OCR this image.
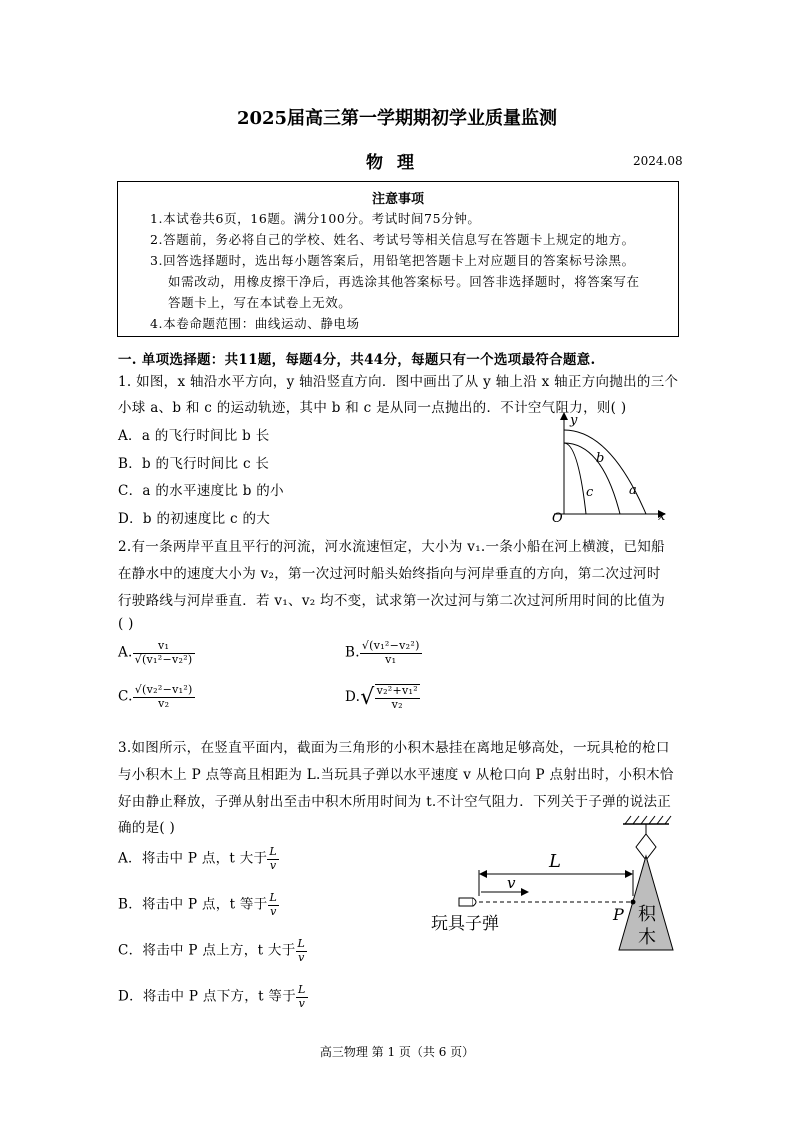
2025届高三第一学期期初学业质量监测
物理	2024.08
注意事项
1.本试卷共6页，16题。满分100分。考试时间75分钟。
2.答题前，务必将自己的学校、姓名、考试号等相关信息写在答题卡上规定的地方。
3.回答选择题时，选出每小题答案后，用铅笔把答题卡上对应题目的答案标号涂黑。
如需改动，用橡皮擦干净后，再选涂其他答案标号。回答非选择题时，将答案写在
答题卡上，写在本试卷上无效。
4.本卷命题范围：曲线运动、静电场
一. 单项选择题：共11题，每题4分，共44分，每题只有一个选项最符合题意.
1. 如图，x 轴沿水平方向，y 轴沿竖直方向．图中画出了从 y 轴上沿 x 轴正方向抛出的三个
小球 a、b 和 c 的运动轨迹，其中 b 和 c 是从同一点抛出的．不计空气阻力，则( )
A．a 的飞行时间比 b 长
B．b 的飞行时间比 c 长
C．a 的水平速度比 b 的小
D．b 的初速度比 c 的大
y
x
O
a
b
c
2.有一条两岸平直且平行的河流，河水流速恒定，大小为 v₁.一条小船在河上横渡，已知船
在静水中的速度大小为 v₂，第一次过河时船头始终指向与河岸垂直的方向，第二次过河时
行驶路线与河岸垂直．若 v₁、v₂ 均不变，试求第一次过河与第二次过河所用时间的比值为
( )
A. $\frac{\text{v₁}}{\text{√(v₁²−v₂²)}}$	B. $\frac{\text{√(v₁²−v₂²)}}{\text{v₁}}$
C. $\frac{\text{√(v₂²−v₁²)}}{\text{v₂}}$	$D.√ \frac{\text{v₂²+v₁²}}{\text{v₂}}$
3.如图所示，在竖直平面内，截面为三角形的小积木悬挂在离地足够高处，一玩具枪的枪口
与小积木上 P 点等高且相距为 L.当玩具子弹以水平速度 v 从枪口向 P 点射出时，小积木恰
好由静止释放，子弹从射出至击中积木所用时间为 t.不计空气阻力．下列关于子弹的说法正
确的是( )
A．将击中 P 点，t 大于 $\frac{L}{v}$
B．将击中 P 点，t 等于 $\frac{L}{v}$
C．将击中 P 点上方，t 大于 $\frac{L}{v}$
D．将击中 P 点下方，t 等于 $\frac{L}{v}$
积
木
P
v
L
玩具子弹
高三物理 第 1 页（共 6 页）
